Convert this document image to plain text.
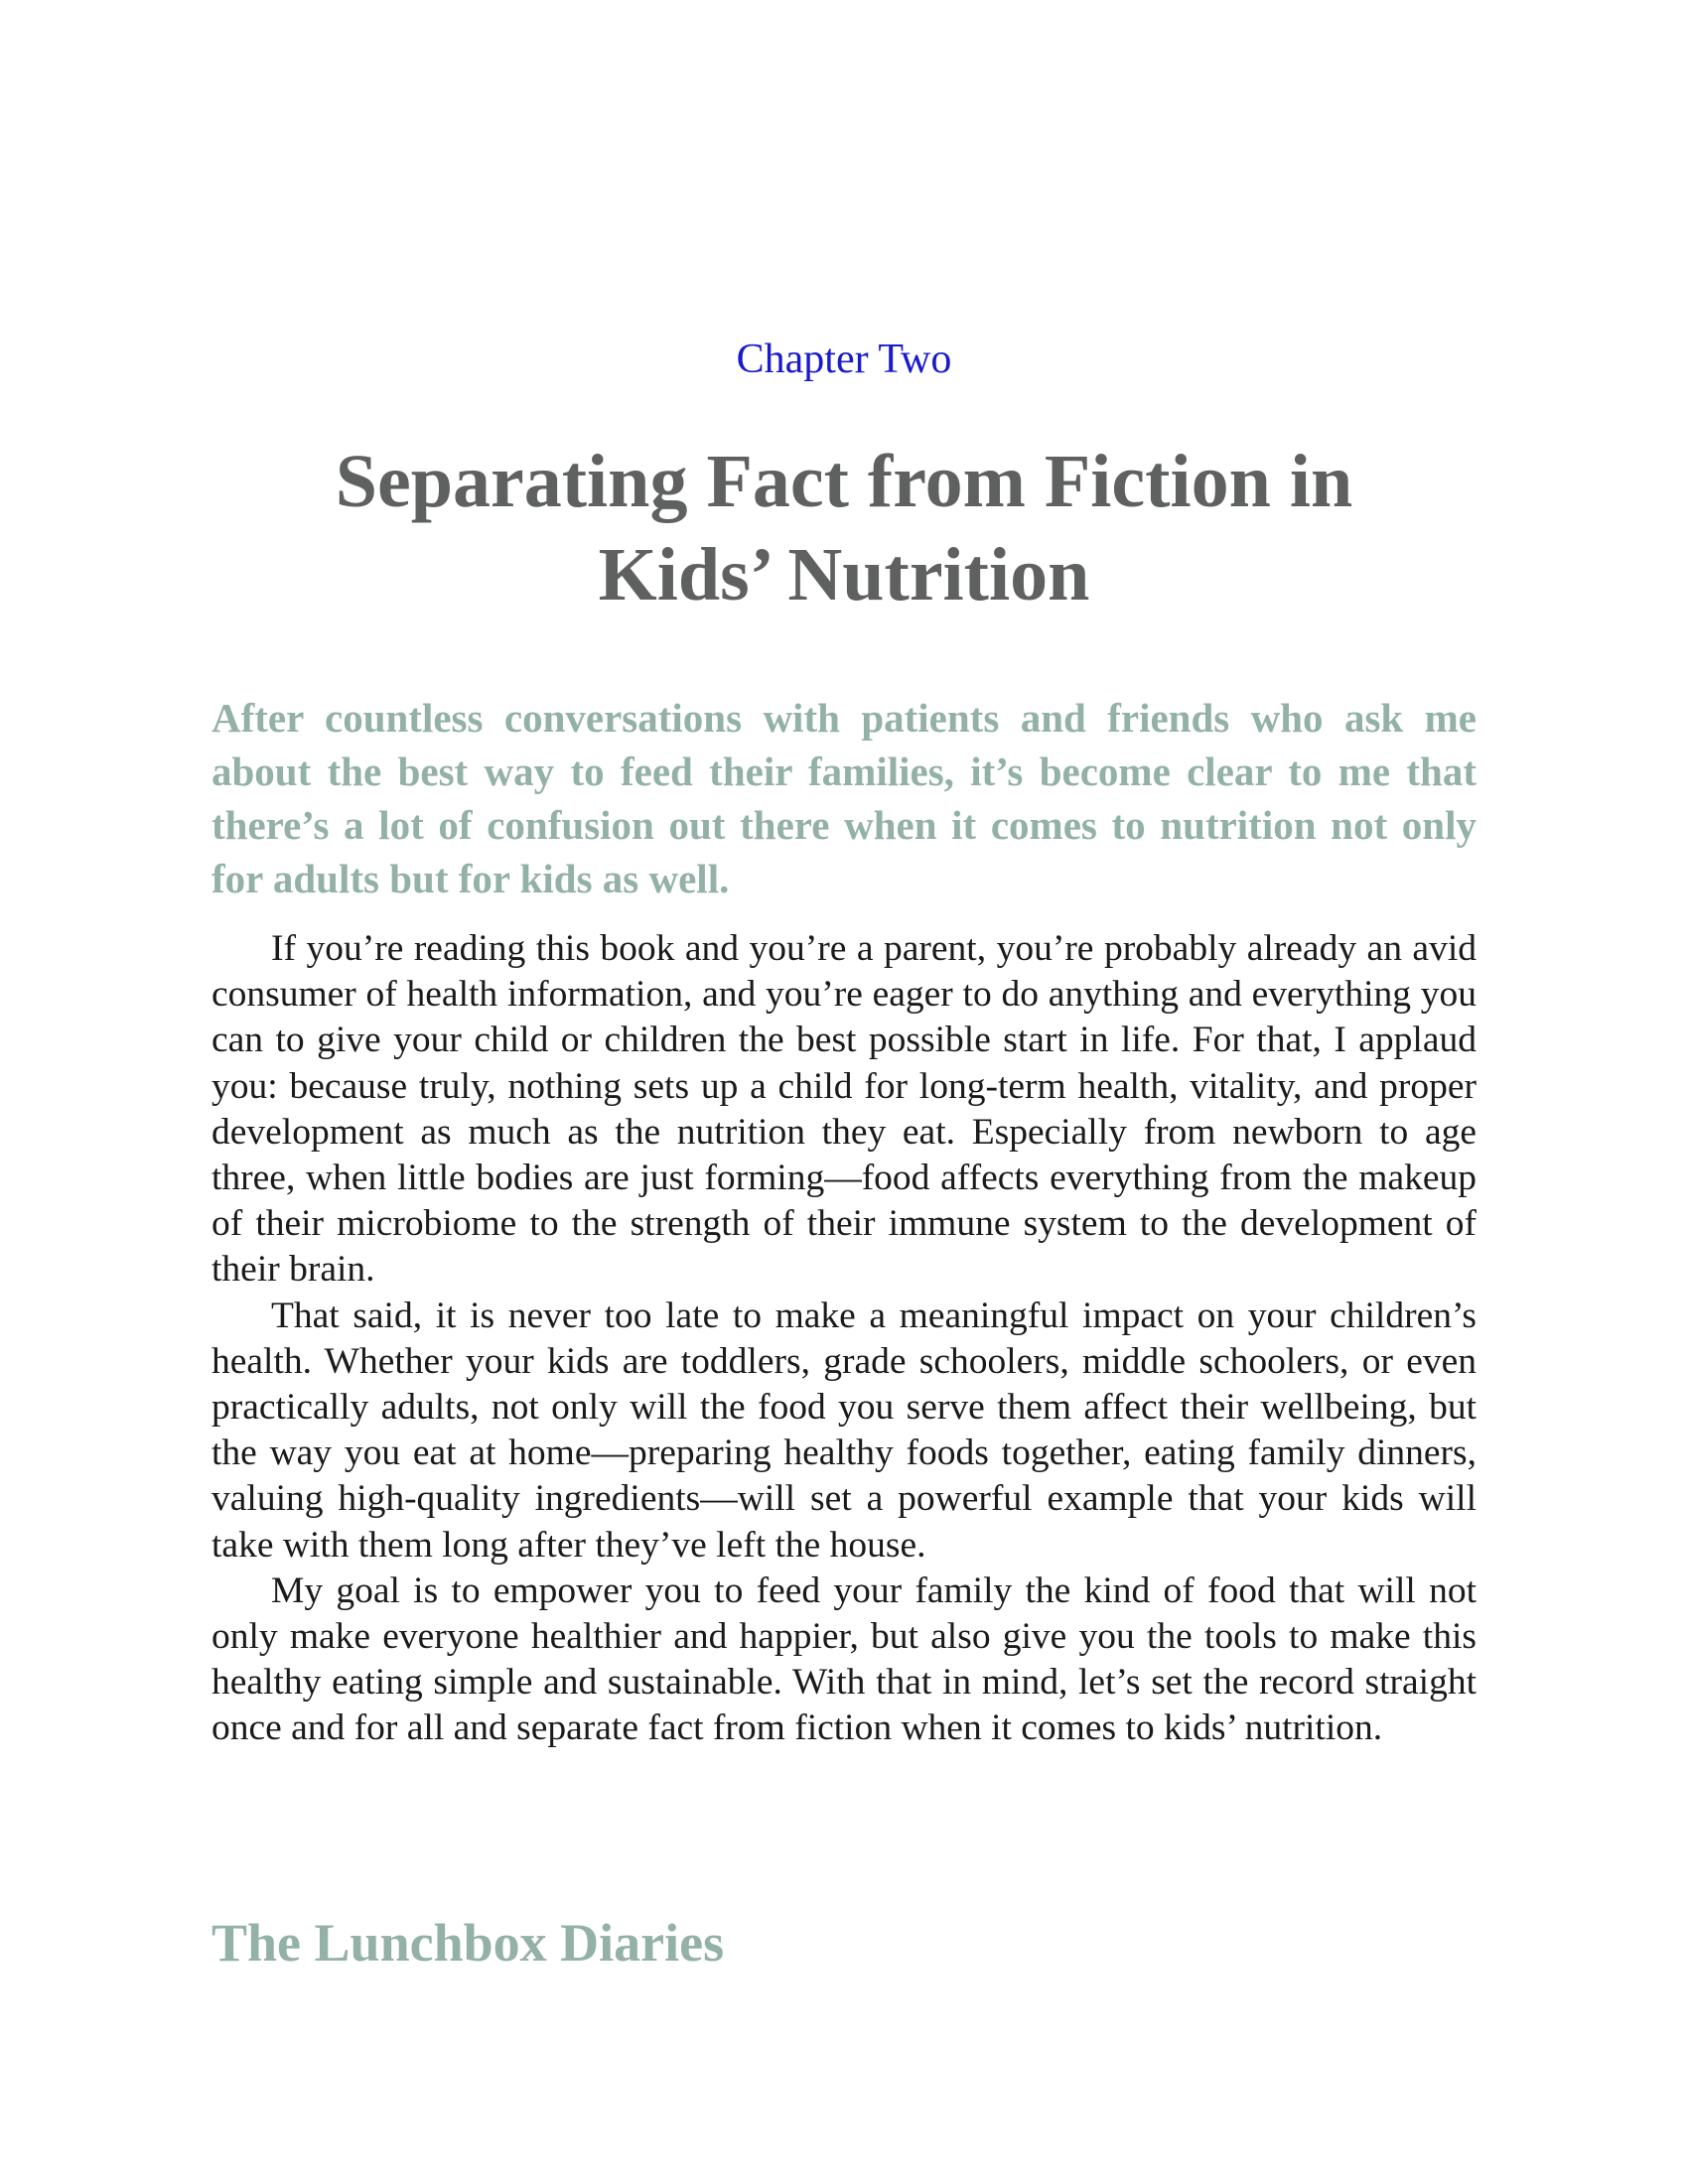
Chapter Two
Separating Fact from Fiction in Kids’ Nutrition

After countless conversations with patients and friends who ask me about the best way to feed their families, it’s become clear to me that there’s a lot of confusion out there when it comes to nutrition not only for adults but for kids as well.

If you’re reading this book and you’re a parent, you’re probably already an avid consumer of health information, and you’re eager to do anything and everything you can to give your child or children the best possible start in life. For that, I applaud you: because truly, nothing sets up a child for long-term health, vitality, and proper development as much as the nutrition they eat. Especially from newborn to age three, when little bodies are just forming—food affects everything from the makeup of their microbiome to the strength of their immune system to the development of their brain.

That said, it is never too late to make a meaningful impact on your children’s health. Whether your kids are toddlers, grade schoolers, middle schoolers, or even practically adults, not only will the food you serve them affect their wellbeing, but the way you eat at home—preparing healthy foods together, eating family dinners, valuing high-quality ingredients—will set a powerful example that your kids will take with them long after they’ve left the house.

My goal is to empower you to feed your family the kind of food that will not only make everyone healthier and happier, but also give you the tools to make this healthy eating simple and sustainable. With that in mind, let’s set the record straight once and for all and separate fact from fiction when it comes to kids’ nutrition.

The Lunchbox Diaries
